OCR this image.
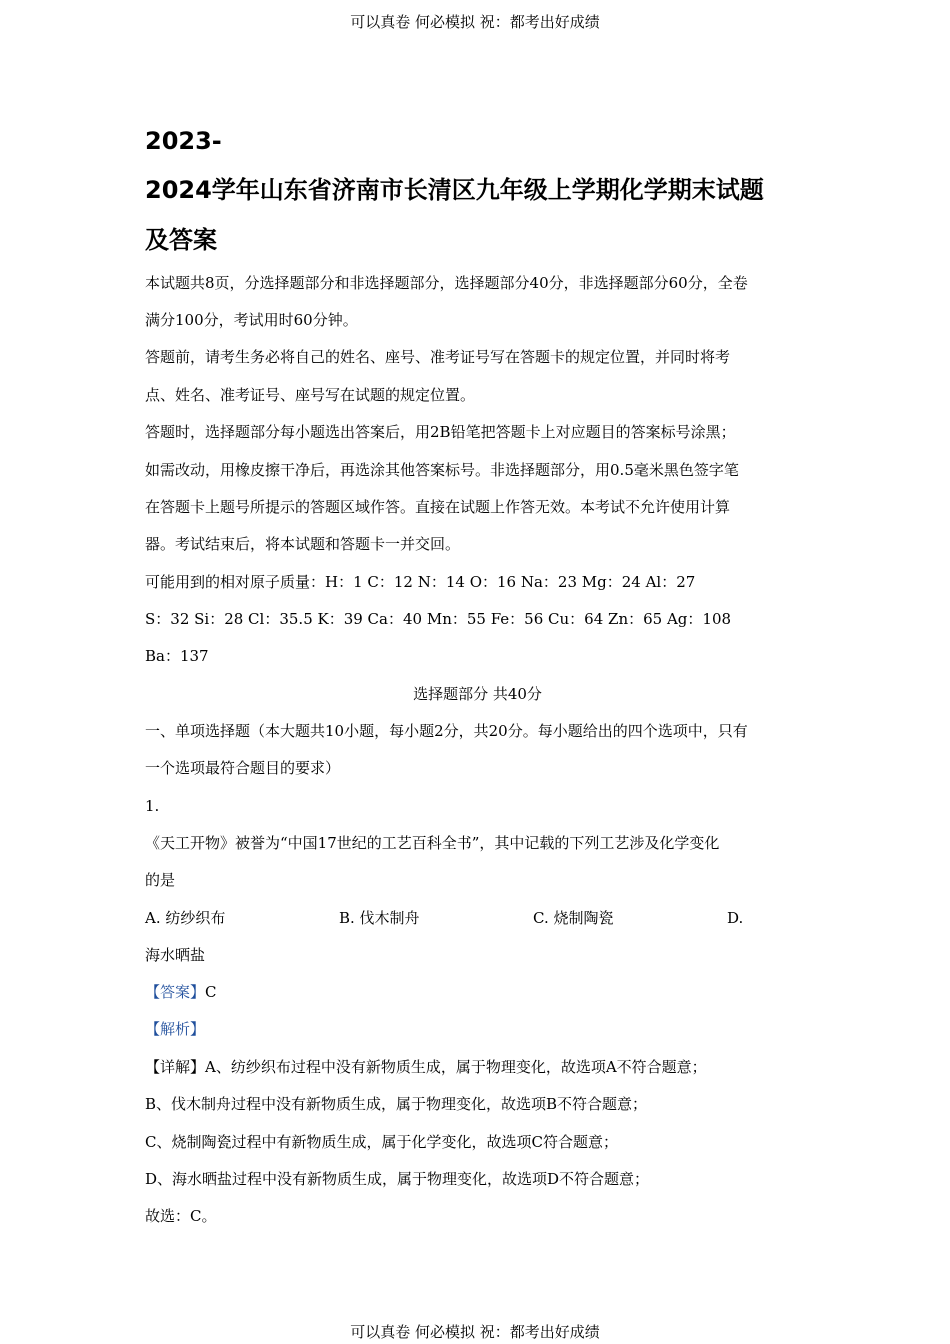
可以真卷 何必模拟 祝：都考出好成绩
2023-
2024学年山东省济南市长清区九年级上学期化学期末试题
及答案
本试题共8页，分选择题部分和非选择题部分，选择题部分40分，非选择题部分60分，全卷
满分100分，考试用时60分钟。
答题前，请考生务必将自己的姓名、座号、准考证号写在答题卡的规定位置，并同时将考
点、姓名、准考证号、座号写在试题的规定位置。
答题时，选择题部分每小题选出答案后，用2B铅笔把答题卡上对应题目的答案标号涂黑；
如需改动，用橡皮擦干净后，再选涂其他答案标号。非选择题部分，用0.5毫米黑色签字笔
在答题卡上题号所提示的答题区域作答。直接在试题上作答无效。本考试不允许使用计算
器。考试结束后，将本试题和答题卡一并交回。
可能用到的相对原子质量：H：1 C：12 N：14 O：16 Na：23 Mg：24 Al：27
S：32 Si：28 Cl：35.5 K：39 Ca：40 Mn：55 Fe：56 Cu：64 Zn：65 Ag：108
Ba：137
选择题部分 共40分
一、单项选择题（本大题共10小题，每小题2分，共20分。每小题给出的四个选项中，只有
一个选项最符合题目的要求）
1.
《天工开物》被誉为“中国17世纪的工艺百科全书”，其中记载的下列工艺涉及化学变化
的是
A. 纺纱织布	B. 伐木制舟	C. 烧制陶瓷	D.
海水晒盐
【答案】C
【解析】
【详解】A、纺纱织布过程中没有新物质生成，属于物理变化，故选项A不符合题意；
B、伐木制舟过程中没有新物质生成，属于物理变化，故选项B不符合题意；
C、烧制陶瓷过程中有新物质生成，属于化学变化，故选项C符合题意；
D、海水晒盐过程中没有新物质生成，属于物理变化，故选项D不符合题意；
故选：C。
可以真卷 何必模拟 祝：都考出好成绩
